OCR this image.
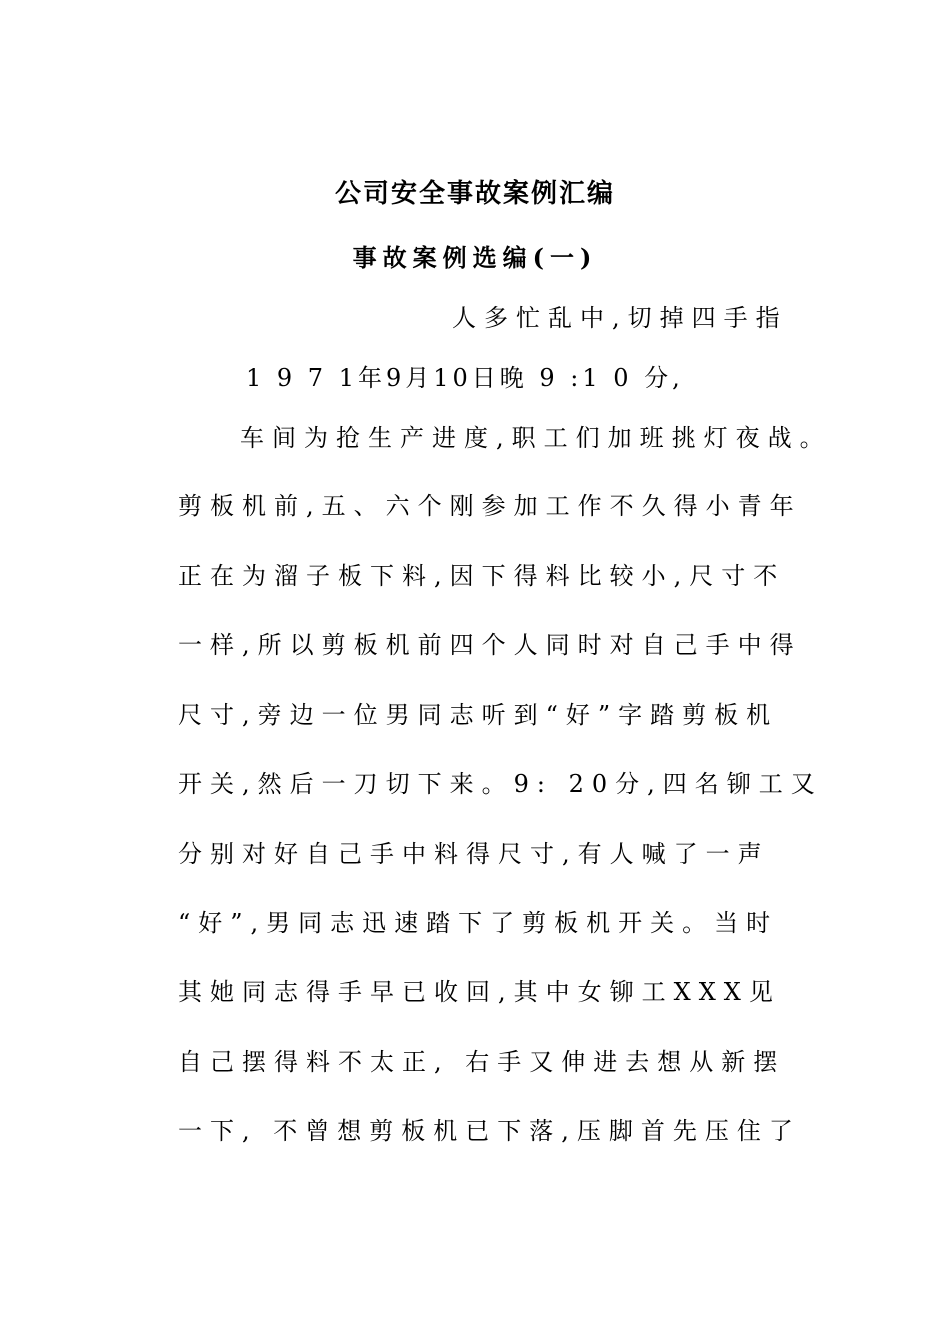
公司安全事故案例汇编
事故案例选编(一)
人多忙乱中,切掉四手指
1 9 7 1年9月10日晚 9 :1 0 分,
车间为抢生产进度,职工们加班挑灯夜战。
剪板机前,五、六个刚参加工作不久得小青年
正在为溜子板下料,因下得料比较小,尺寸不
一样,所以剪板机前四个人同时对自己手中得
尺寸,旁边一位男同志听到“好”字踏剪板机
开关,然后一刀切下来。9: 20分,四名铆工又
分别对好自己手中料得尺寸,有人喊了一声
“好”,男同志迅速踏下了剪板机开关。当时
其她同志得手早已收回,其中女铆工XXX见
自己摆得料不太正, 右手又伸进去想从新摆
一下, 不曾想剪板机已下落,压脚首先压住了
